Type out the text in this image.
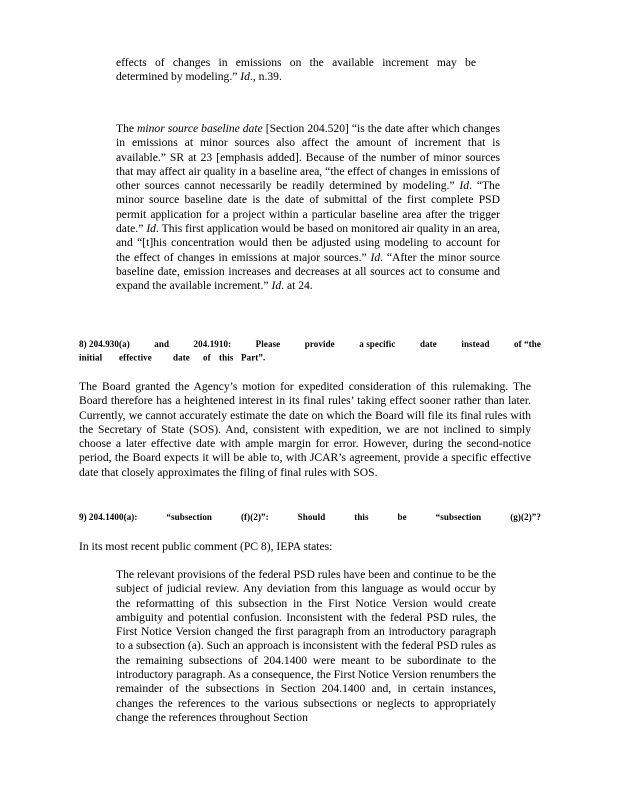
effects of changes in emissions on the available increment may be determined by modeling.” Id., n.39.
The minor source baseline date [Section 204.520] “is the date after which changes in emissions at minor sources also affect the amount of increment that is available.” SR at 23 [emphasis added]. Because of the number of minor sources that may affect air quality in a baseline area, “the effect of changes in emissions of other sources cannot necessarily be readily determined by modeling.” Id. “The minor source baseline date is the date of submittal of the first complete PSD permit application for a project within a particular baseline area after the trigger date.” Id. This first application would be based on monitored air quality in an area, and “[t]his concentration would then be adjusted using modeling to account for the effect of changes in emissions at major sources.” Id. “After the minor source baseline date, emission increases and decreases at all sources act to consume and expand the available increment.” Id. at 24.
8) 204.930(a)	and	204.1910:	Please	provide	a specific	date	instead	of “the
initial	effective	date	of this Part”.
The Board granted the Agency’s motion for expedited consideration of this rulemaking. The Board therefore has a heightened interest in its final rules’ taking effect sooner rather than later. Currently, we cannot accurately estimate the date on which the Board will file its final rules with the Secretary of State (SOS). And, consistent with expedition, we are not inclined to simply choose a later effective date with ample margin for error. However, during the second-notice period, the Board expects it will be able to, with JCAR’s agreement, provide a specific effective date that closely approximates the filing of final rules with SOS.
9) 204.1400(a):	“subsection	(f)(2)”:	Should	this	be	“subsection	(g)(2)”?
In its most recent public comment (PC 8), IEPA states:
The relevant provisions of the federal PSD rules have been and continue to be the subject of judicial review. Any deviation from this language as would occur by the reformatting of this subsection in the First Notice Version would create ambiguity and potential confusion. Inconsistent with the federal PSD rules, the First Notice Version changed the first paragraph from an introductory paragraph to a subsection (a). Such an approach is inconsistent with the federal PSD rules as the remaining subsections of 204.1400 were meant to be subordinate to the introductory paragraph. As a consequence, the First Notice Version renumbers the remainder of the subsections in Section 204.1400 and, in certain instances, changes the references to the various subsections or neglects to appropriately change the references throughout Section
